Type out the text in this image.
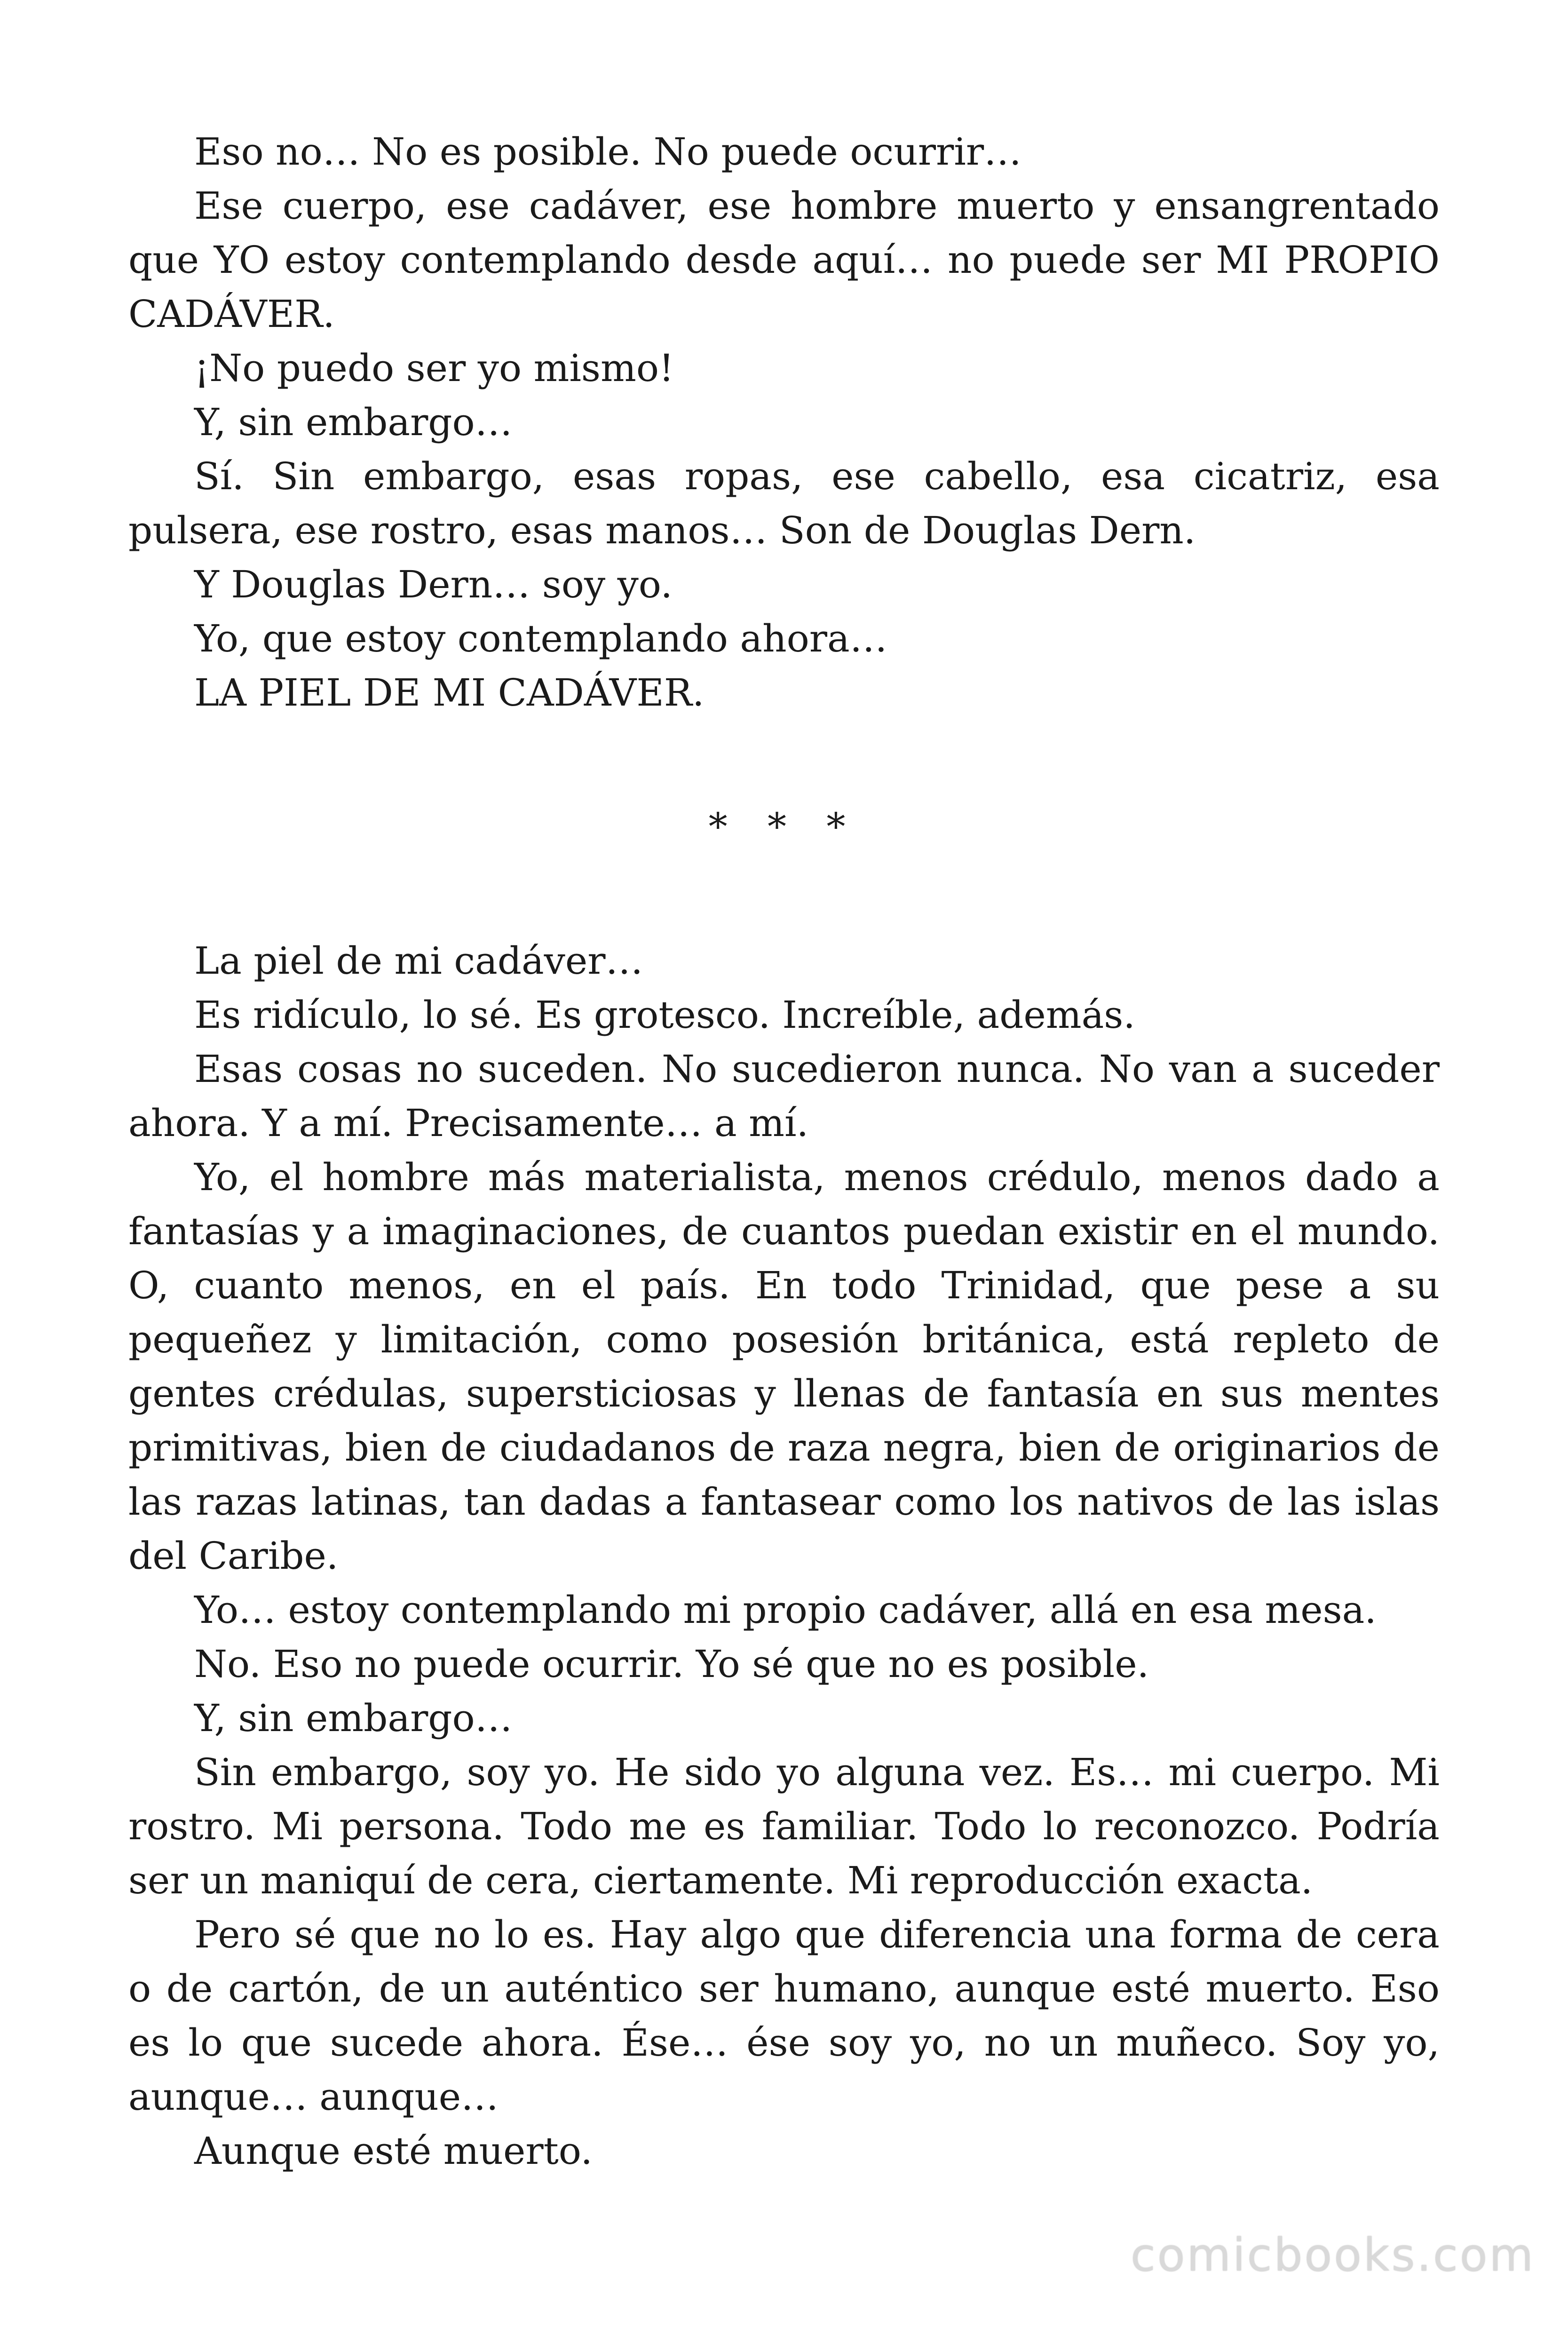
Eso no… No es posible. No puede ocurrir…

Ese cuerpo, ese cadáver, ese hombre muerto y ensangrentado que YO estoy contemplando desde aquí… no puede ser MI PROPIO CADÁVER.

¡No puedo ser yo mismo!

Y, sin embargo…

Sí. Sin embargo, esas ropas, ese cabello, esa cicatriz, esa pulsera, ese rostro, esas manos… Son de Douglas Dern.

Y Douglas Dern… soy yo.

Yo, que estoy contemplando ahora…

LA PIEL DE MI CADÁVER.

* * *

La piel de mi cadáver…

Es ridículo, lo sé. Es grotesco. Increíble, además.

Esas cosas no suceden. No sucedieron nunca. No van a suceder ahora. Y a mí. Precisamente… a mí.

Yo, el hombre más materialista, menos crédulo, menos dado a fantasías y a imaginaciones, de cuantos puedan existir en el mundo. O, cuanto menos, en el país. En todo Trinidad, que pese a su pequeñez y limitación, como posesión británica, está repleto de gentes crédulas, supersticiosas y llenas de fantasía en sus mentes primitivas, bien de ciudadanos de raza negra, bien de originarios de las razas latinas, tan dadas a fantasear como los nativos de las islas del Caribe.

Yo… estoy contemplando mi propio cadáver, allá en esa mesa.

No. Eso no puede ocurrir. Yo sé que no es posible.

Y, sin embargo…

Sin embargo, soy yo. He sido yo alguna vez. Es… mi cuerpo. Mi rostro. Mi persona. Todo me es familiar. Todo lo reconozco. Podría ser un maniquí de cera, ciertamente. Mi reproducción exacta.

Pero sé que no lo es. Hay algo que diferencia una forma de cera o de cartón, de un auténtico ser humano, aunque esté muerto. Eso es lo que sucede ahora. Ése… ése soy yo, no un muñeco. Soy yo, aunque… aunque…

Aunque esté muerto.

comicbooks.com
